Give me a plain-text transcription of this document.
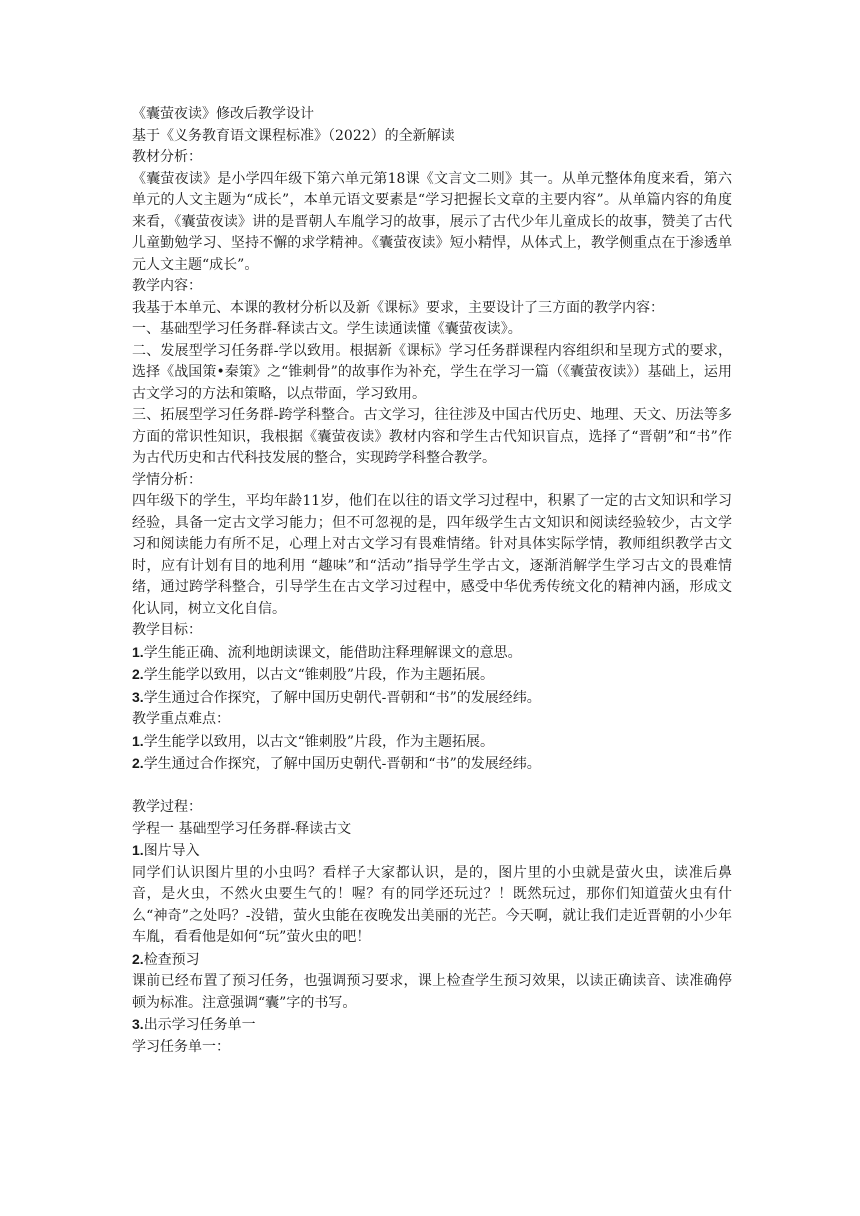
《囊萤夜读》修改后教学设计

基于《义务教育语文课程标准》（2022）的全新解读

教材分析：

《囊萤夜读》是小学四年级下第六单元第18课《文言文二则》其一。从单元整体角度来看，第六单元的人文主题为“成长”，本单元语文要素是“学习把握长文章的主要内容”。从单篇内容的角度来看，《囊萤夜读》讲的是晋朝人车胤学习的故事，展示了古代少年儿童成长的故事，赞美了古代儿童勤勉学习、坚持不懈的求学精神。《囊萤夜读》短小精悍，从体式上，教学侧重点在于渗透单元人文主题“成长”。

教学内容：

我基于本单元、本课的教材分析以及新《课标》要求，主要设计了三方面的教学内容：

一、基础型学习任务群-释读古文。学生读通读懂《囊萤夜读》。

二、发展型学习任务群-学以致用。根据新《课标》学习任务群课程内容组织和呈现方式的要求，选择《战国策•秦策》之“锥刺骨”的故事作为补充，学生在学习一篇（《囊萤夜读》）基础上，运用古文学习的方法和策略，以点带面，学习致用。

三、拓展型学习任务群-跨学科整合。古文学习，往往涉及中国古代历史、地理、天文、历法等多方面的常识性知识，我根据《囊萤夜读》教材内容和学生古代知识盲点，选择了“晋朝”和“书”作为古代历史和古代科技发展的整合，实现跨学科整合教学。

学情分析：

四年级下的学生，平均年龄11岁，他们在以往的语文学习过程中，积累了一定的古文知识和学习经验，具备一定古文学习能力；但不可忽视的是，四年级学生古文知识和阅读经验较少，古文学习和阅读能力有所不足，心理上对古文学习有畏难情绪。针对具体实际学情，教师组织教学古文时，应有计划有目的地利用 “趣味”和“活动”指导学生学古文，逐渐消解学生学习古文的畏难情绪，通过跨学科整合，引导学生在古文学习过程中，感受中华优秀传统文化的精神内涵，形成文化认同，树立文化自信。

教学目标：

1.学生能正确、流利地朗读课文，能借助注释理解课文的意思。

2.学生能学以致用，以古文“锥刺股”片段，作为主题拓展。

3.学生通过合作探究，了解中国历史朝代-晋朝和“书”的发展经纬。

教学重点难点：

1.学生能学以致用，以古文“锥刺股”片段，作为主题拓展。

2.学生通过合作探究，了解中国历史朝代-晋朝和“书”的发展经纬。

教学过程：

学程一 基础型学习任务群-释读古文

1.图片导入

同学们认识图片里的小虫吗？看样子大家都认识，是的，图片里的小虫就是萤火虫，读准后鼻音，是火虫，不然火虫要生气的！喔？有的同学还玩过？！既然玩过，那你们知道萤火虫有什么“神奇”之处吗？-没错，萤火虫能在夜晚发出美丽的光芒。今天啊，就让我们走近晋朝的小少年车胤，看看他是如何“玩”萤火虫的吧！

2.检查预习

课前已经布置了预习任务，也强调预习要求，课上检查学生预习效果，以读正确读音、读准确停顿为标准。注意强调“囊”字的书写。

3.出示学习任务单一

学习任务单一：
